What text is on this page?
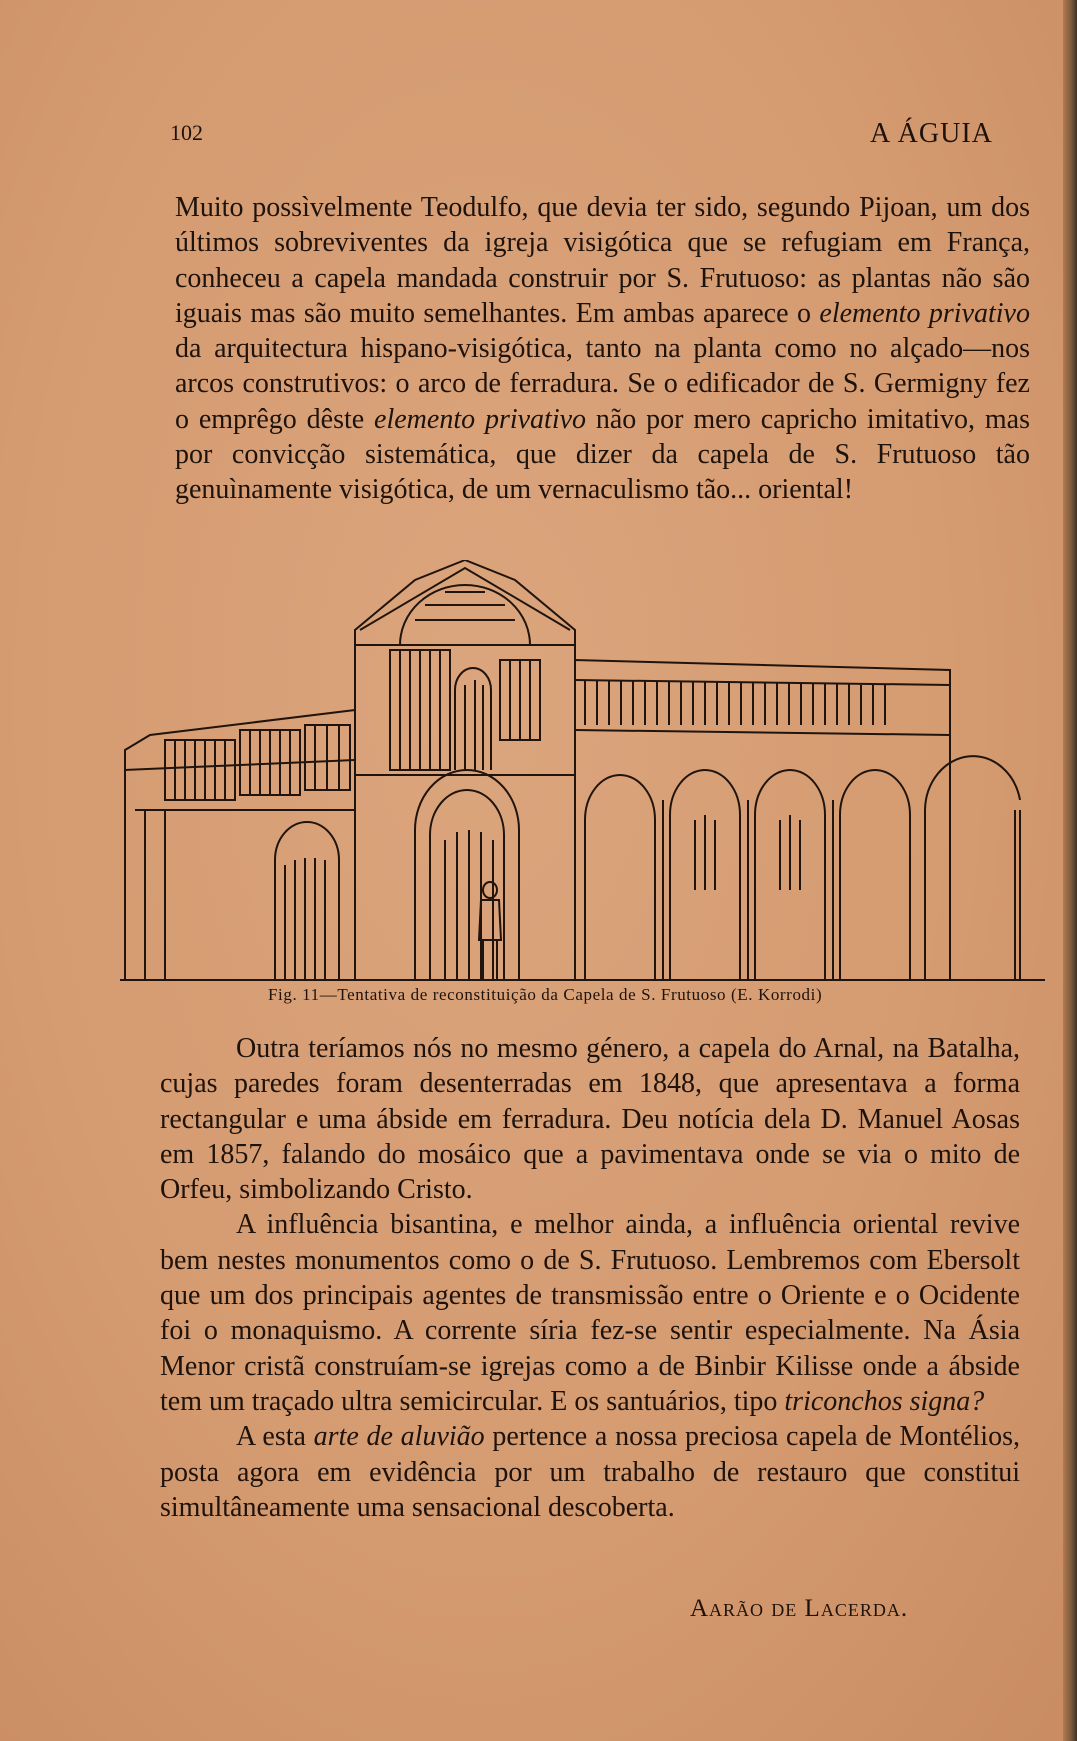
102	A ÁGUIA

Muito possìvelmente Teodulfo, que devia ter sido, segundo Pijoan, um dos últimos sobreviventes da igreja visigótica que se refugiam em França, conheceu a capela mandada construir por S. Frutuoso: as plantas não são iguais mas são muito semelhantes. Em ambas aparece o elemento privativo da arquitectura hispano-visigótica, tanto na planta como no alçado—nos arcos construtivos: o arco de ferradura. Se o edificador de S. Germigny fez o emprêgo dêste elemento privativo não por mero capricho imitativo, mas por convicção sistemática, que dizer da capela de S. Frutuoso tão genuìnamente visigótica, de um vernaculismo tão... oriental!

Fig. 11—Tentativa de reconstituição da Capela de S. Frutuoso (E. Korrodi)

Outra teríamos nós no mesmo género, a capela do Arnal, na Batalha, cujas paredes foram desenterradas em 1848, que apresentava a forma rectangular e uma ábside em ferradura. Deu notícia dela D. Manuel Aosas em 1857, falando do mosáico que a pavimentava onde se via o mito de Orfeu, simbolizando Cristo.

A influência bisantina, e melhor ainda, a influência oriental revive bem nestes monumentos como o de S. Frutuoso. Lembremos com Ebersolt que um dos principais agentes de transmissão entre o Oriente e o Ocidente foi o monaquismo. A corrente síria fez-se sentir especialmente. Na Ásia Menor cristã construíam-se igrejas como a de Binbir Kilisse onde a ábside tem um traçado ultra semicircular. E os santuários, tipo triconchos signa?

A esta arte de aluvião pertence a nossa preciosa capela de Montélios, posta agora em evidência por um trabalho de restauro que constitui simultâneamente uma sensacional descoberta.

Aarão de Lacerda.
